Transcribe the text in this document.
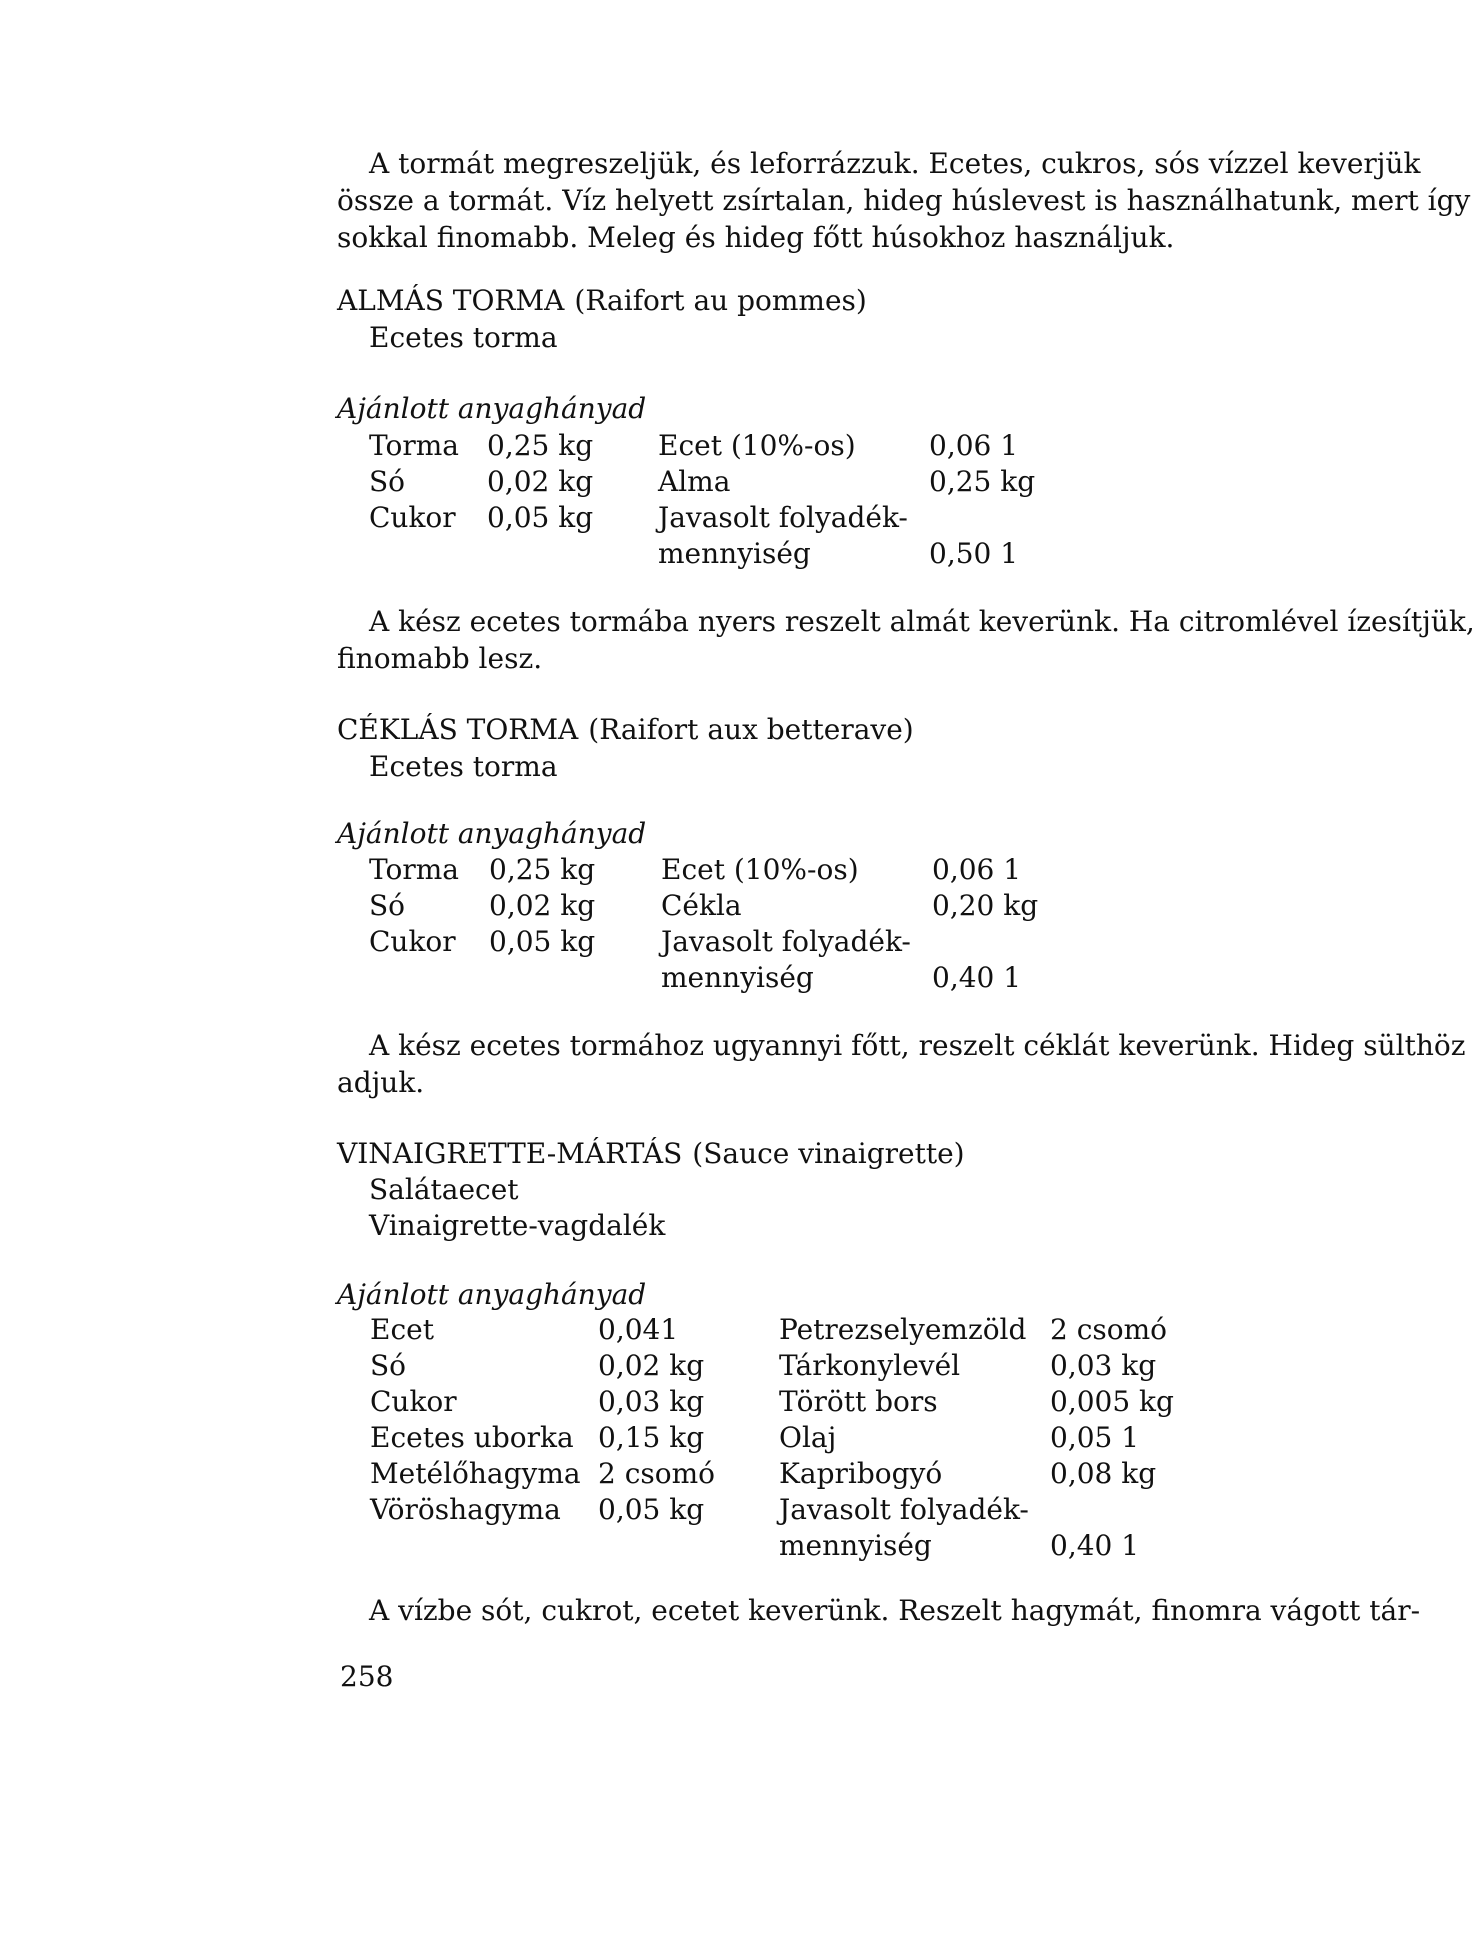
A tormát megreszeljük, és leforrázzuk. Ecetes, cukros, sós vízzel keverjük
össze a tormát. Víz helyett zsírtalan, hideg húslevest is használhatunk, mert így
sokkal finomabb. Meleg és hideg főtt húsokhoz használjuk.
ALMÁS TORMA (Raifort au pommes)
Ecetes torma
Ajánlott anyaghányad
Torma 0,25 kg Ecet (10%-os)	0,06 1
Só	0,02 kg Alma	0,25 kg
Cukor 0,05 kg Javasolt folyadék-
mennyiség	0,50 1
A kész ecetes tormába nyers reszelt almát keverünk. Ha citromlével ízesítjük,
finomabb lesz.
CÉKLÁS TORMA (Raifort aux betterave)
Ecetes torma
Ajánlott anyaghányad
Torma 0,25 kg Ecet (10%-os)	0,06 1
Só	0,02 kg Cékla	0,20 kg
Cukor 0,05 kg Javasolt folyadék-
mennyiség	0,40 1
A kész ecetes tormához ugyannyi főtt, reszelt céklát keverünk. Hideg sülthöz
adjuk.
VINAIGRETTE-MÁRTÁS (Sauce vinaigrette)
Salátaecet
Vinaigrette-vagdalék
Ajánlott anyaghányad
Ecet	0,041	Petrezselyemzöld 2 csomó
Só	0,02 kg	Tárkonylevél	0,03 kg
Cukor	0,03 kg	Törött bors	0,005 kg
Ecetes uborka 0,15 kg	Olaj	0,05 1
Metélőhagyma 2 csomó Kapribogyó	0,08 kg
Vöröshagyma 0,05 kg	Javasolt folyadék-
mennyiség	0,40 1
A vízbe sót, cukrot, ecetet keverünk. Reszelt hagymát, finomra vágott tár-
258
